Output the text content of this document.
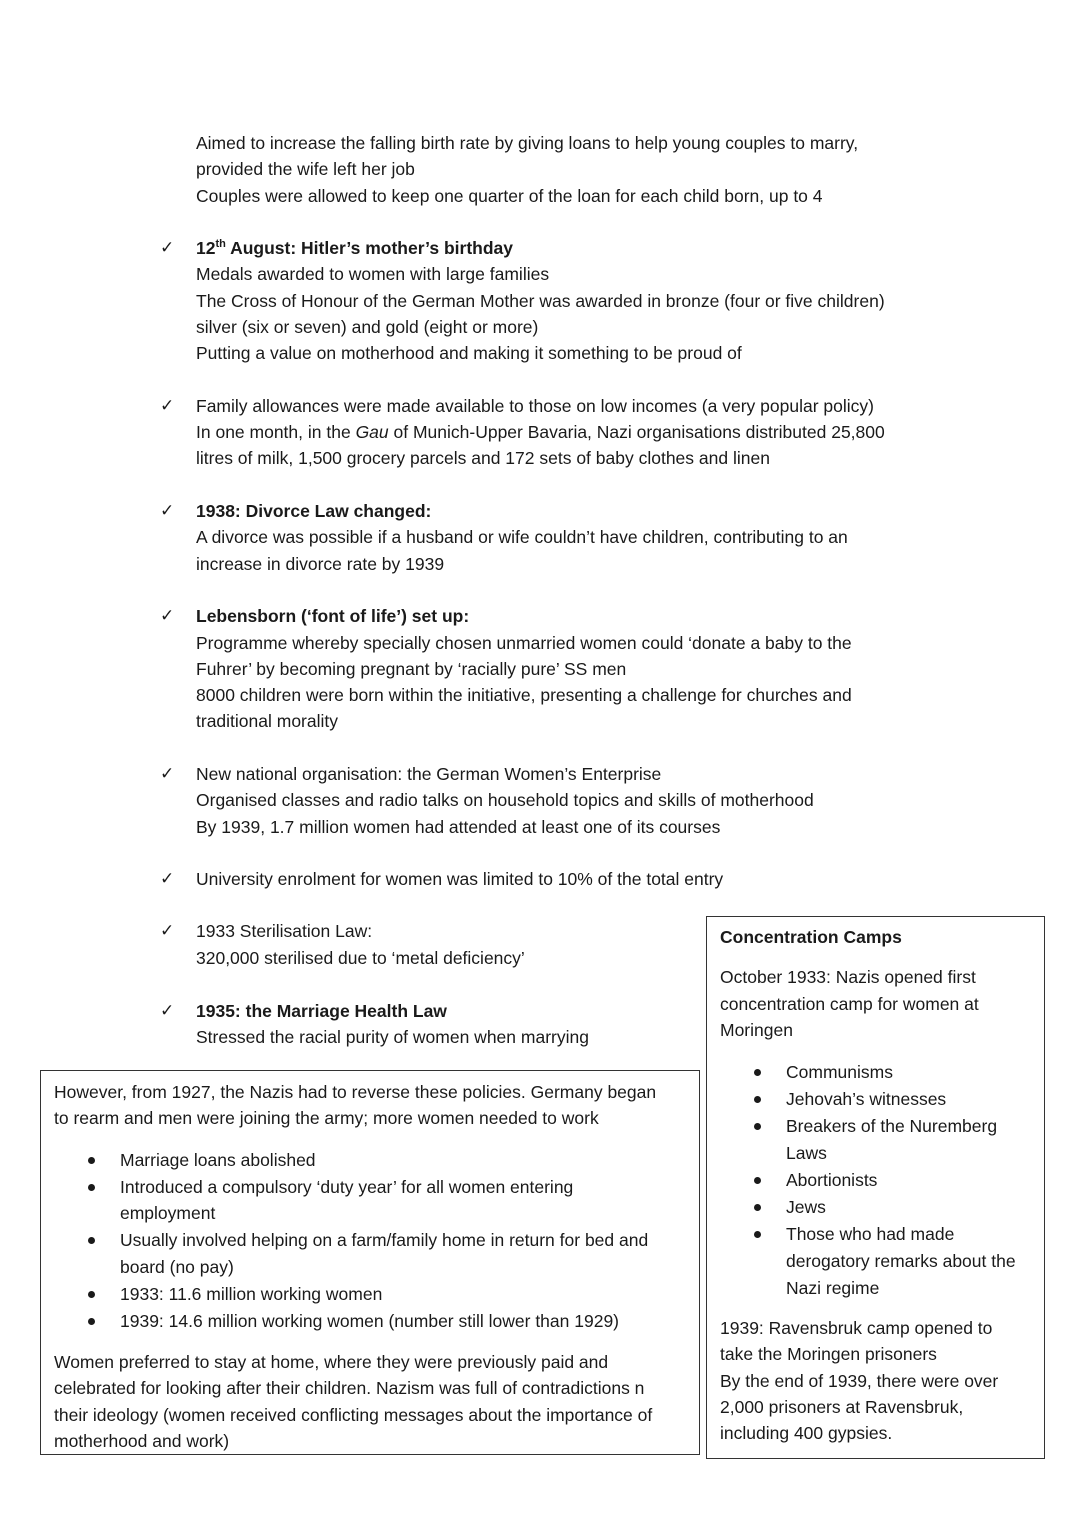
Aimed to increase the falling birth rate by giving loans to help young couples to marry,
provided the wife left her job
Couples were allowed to keep one quarter of the loan for each child born, up to 4
✓ 12th August: Hitler’s mother’s birthday
Medals awarded to women with large families
The Cross of Honour of the German Mother was awarded in bronze (four or five children)
silver (six or seven) and gold (eight or more)
Putting a value on motherhood and making it something to be proud of
✓ Family allowances were made available to those on low incomes (a very popular policy)
In one month, in the Gau of Munich-Upper Bavaria, Nazi organisations distributed 25,800
litres of milk, 1,500 grocery parcels and 172 sets of baby clothes and linen
✓ 1938: Divorce Law changed:
A divorce was possible if a husband or wife couldn’t have children, contributing to an
increase in divorce rate by 1939
✓ Lebensborn (‘font of life’) set up:
Programme whereby specially chosen unmarried women could ‘donate a baby to the
Fuhrer’ by becoming pregnant by ‘racially pure’ SS men
8000 children were born within the initiative, presenting a challenge for churches and
traditional morality
✓ New national organisation: the German Women’s Enterprise
Organised classes and radio talks on household topics and skills of motherhood
By 1939, 1.7 million women had attended at least one of its courses
✓ University enrolment for women was limited to 10% of the total entry
✓ 1933 Sterilisation Law:
320,000 sterilised due to ‘metal deficiency’
✓ 1935: the Marriage Health Law
Stressed the racial purity of women when marrying
However, from 1927, the Nazis had to reverse these policies. Germany began
to rearm and men were joining the army; more women needed to work
Marriage loans abolished
Introduced a compulsory ‘duty year’ for all women entering
employment
Usually involved helping on a farm/family home in return for bed and
board (no pay)
1933: 11.6 million working women
1939: 14.6 million working women (number still lower than 1929)
Women preferred to stay at home, where they were previously paid and
celebrated for looking after their children. Nazism was full of contradictions n
their ideology (women received conflicting messages about the importance of
motherhood and work)
Concentration Camps
October 1933: Nazis opened first
concentration camp for women at
Moringen
Communisms
Jehovah’s witnesses
Breakers of the Nuremberg
Laws
Abortionists
Jews
Those who had made
derogatory remarks about the
Nazi regime
1939: Ravensbruk camp opened to
take the Moringen prisoners
By the end of 1939, there were over
2,000 prisoners at Ravensbruk,
including 400 gypsies.
